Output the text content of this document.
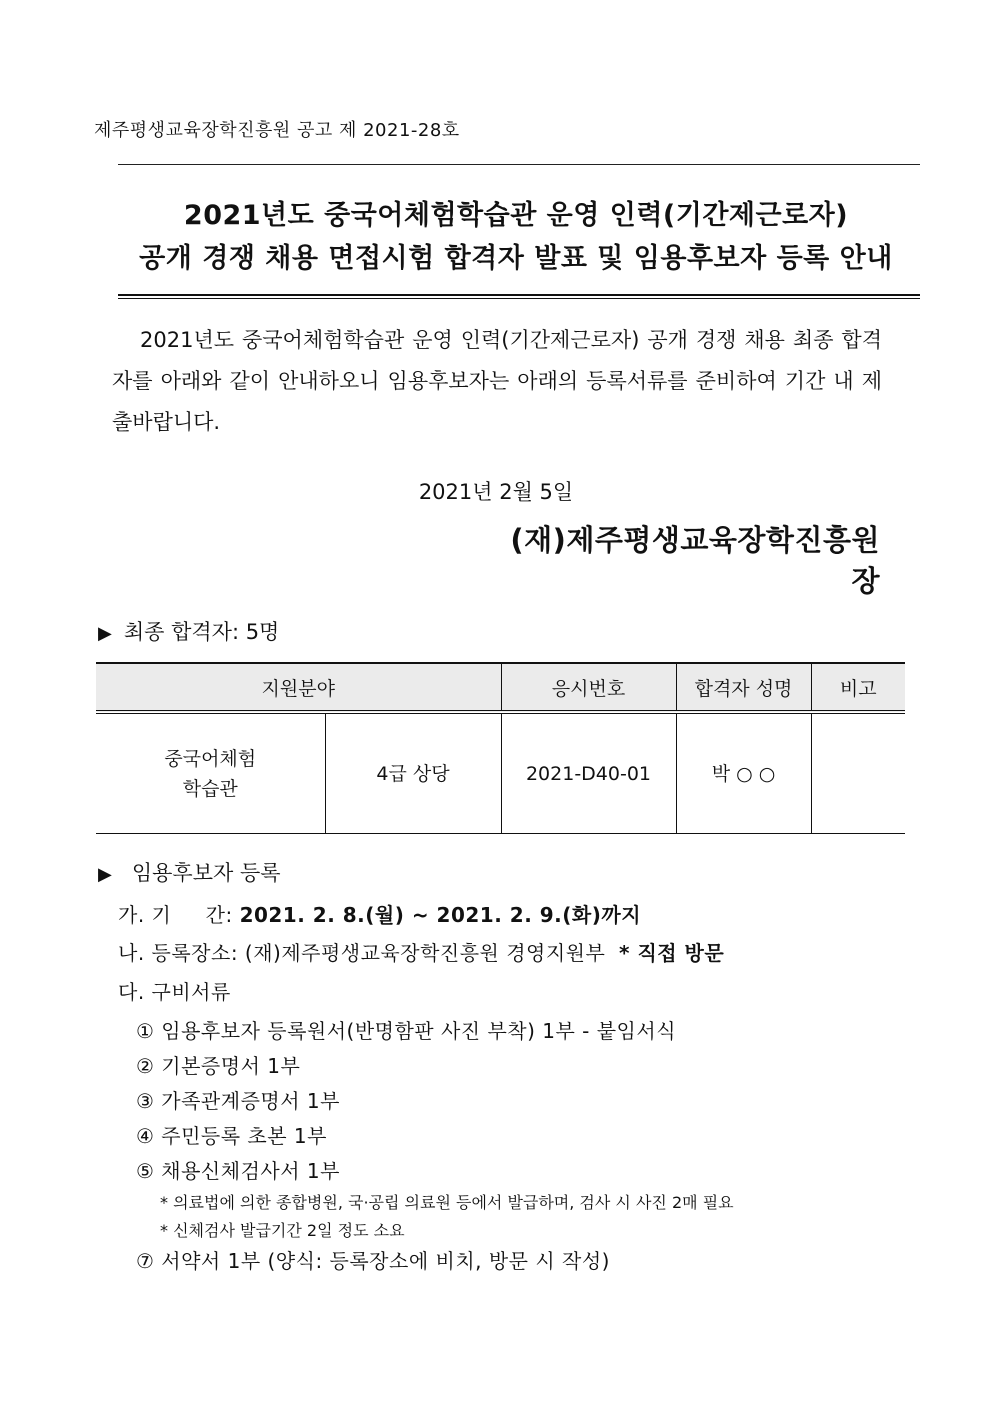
제주평생교육장학진흥원 공고 제 2021-28호
2021년도 중국어체험학습관 운영 인력(기간제근로자)
공개 경쟁 채용 면접시험 합격자 발표 및 임용후보자 등록 안내
2021년도 중국어체험학습관 운영 인력(기간제근로자) 공개 경쟁 채용 최종 합격자를 아래와 같이 안내하오니 임용후보자는 아래의 등록서류를 준비하여 기간 내 제출바랍니다.
2021년 2월 5일
(재)제주평생교육장학진흥원장
▶ 최종 합격자: 5명
지원분야		응시번호	합격자 성명	비고

중국어체험
학습관	4급 상당	2021-D40-01	박 ○ ○	
▶ 임용후보자 등록
가. 기     간: 2021. 2. 8.(월) ~ 2021. 2. 9.(화)까지
나. 등록장소: (재)제주평생교육장학진흥원 경영지원부  * 직접 방문
다. 구비서류
① 임용후보자 등록원서(반명함판 사진 부착) 1부 - 붙임서식
② 기본증명서 1부
③ 가족관계증명서 1부
④ 주민등록 초본 1부
⑤ 채용신체검사서 1부
* 의료법에 의한 종합병원, 국·공립 의료원 등에서 발급하며, 검사 시 사진 2매 필요
* 신체검사 발급기간 2일 정도 소요
⑦ 서약서 1부 (양식: 등록장소에 비치, 방문 시 작성)
